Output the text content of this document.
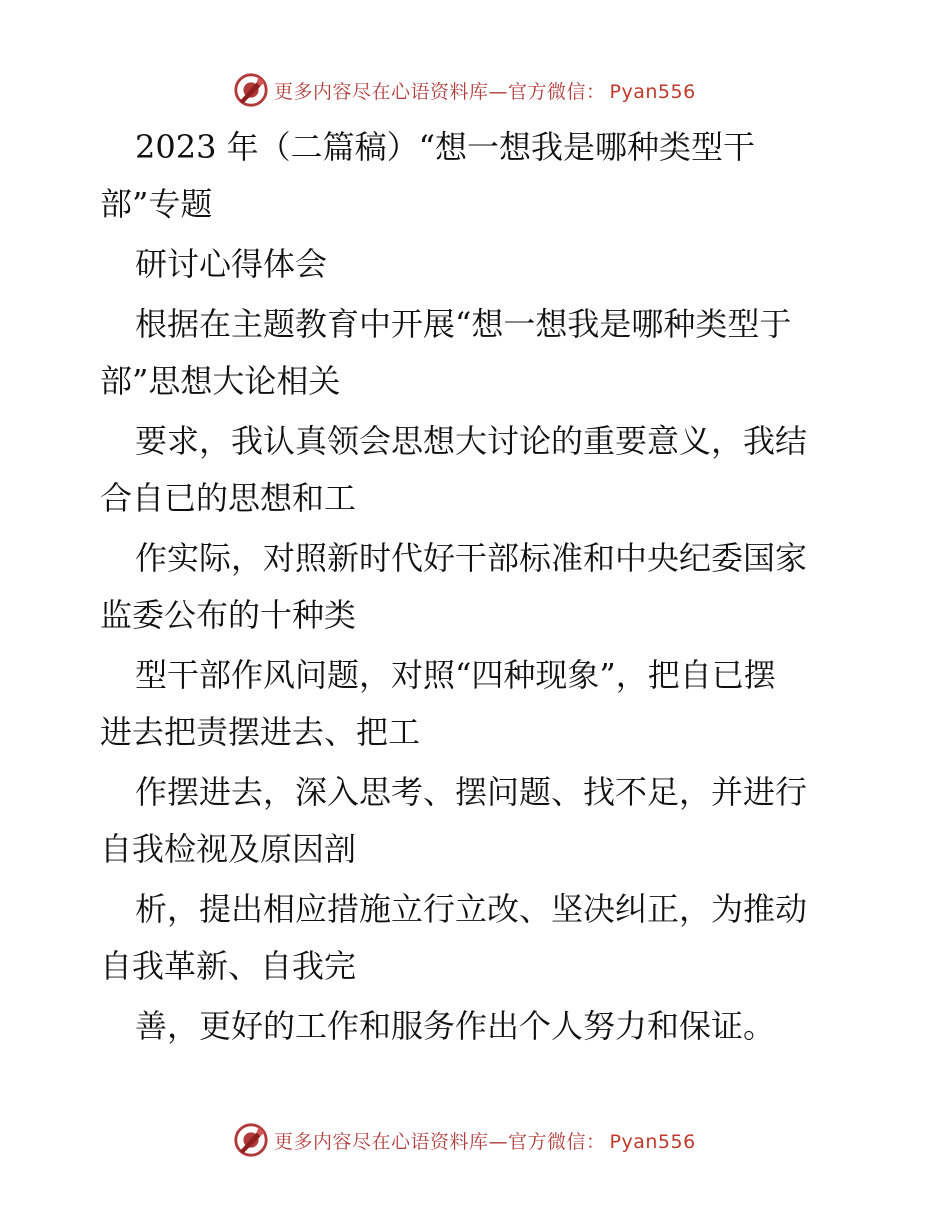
更多内容尽在心语资料库—官方微信： Pyan556

2023 年（二篇稿）“想一想我是哪种类型干

部”专题

研讨心得体会

根据在主题教育中开展“想一想我是哪种类型于

部”思想大论相关

要求，我认真领会思想大讨论的重要意义，我结

合自已的思想和工

作实际，对照新时代好干部标准和中央纪委国家

监委公布的十种类

型干部作风问题，对照“四种现象”，把自已摆

进去把责摆进去、把工

作摆进去，深入思考、摆问题、找不足，并进行

自我检视及原因剖

析，提出相应措施立行立改、坚决纠正，为推动

自我革新、自我完

善，更好的工作和服务作出个人努力和保证。

更多内容尽在心语资料库—官方微信： Pyan556
